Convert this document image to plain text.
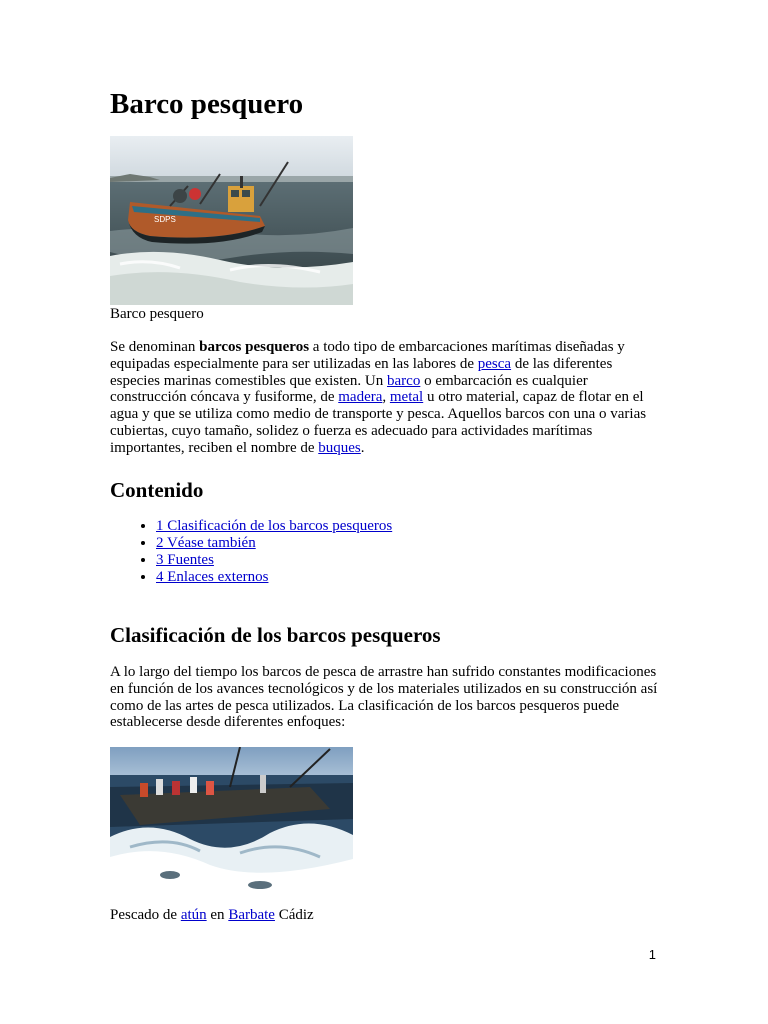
Barco pesquero
SDPS
Barco pesquero

Se denominan barcos pesqueros a todo tipo de embarcaciones marítimas diseñadas y equipadas especialmente para ser utilizadas en las labores de pesca de las diferentes especies marinas comestibles que existen. Un barco o embarcación es cualquier construcción cóncava y fusiforme, de madera, metal u otro material, capaz de flotar en el agua y que se utiliza como medio de transporte y pesca. Aquellos barcos con una o varias cubiertas, cuyo tamaño, solidez o fuerza es adecuado para actividades marítimas importantes, reciben el nombre de buques.

Contenido
• 1 Clasificación de los barcos pesqueros
• 2 Véase también
• 3 Fuentes
• 4 Enlaces externos
Clasificación de los barcos pesqueros

A lo largo del tiempo los barcos de pesca de arrastre han sufrido constantes modificaciones en función de los avances tecnológicos y de los materiales utilizados en su construcción así como de las artes de pesca utilizados. La clasificación de los barcos pesqueros puede establecerse desde diferentes enfoques:

Pescado de atún en Barbate Cádiz
1
